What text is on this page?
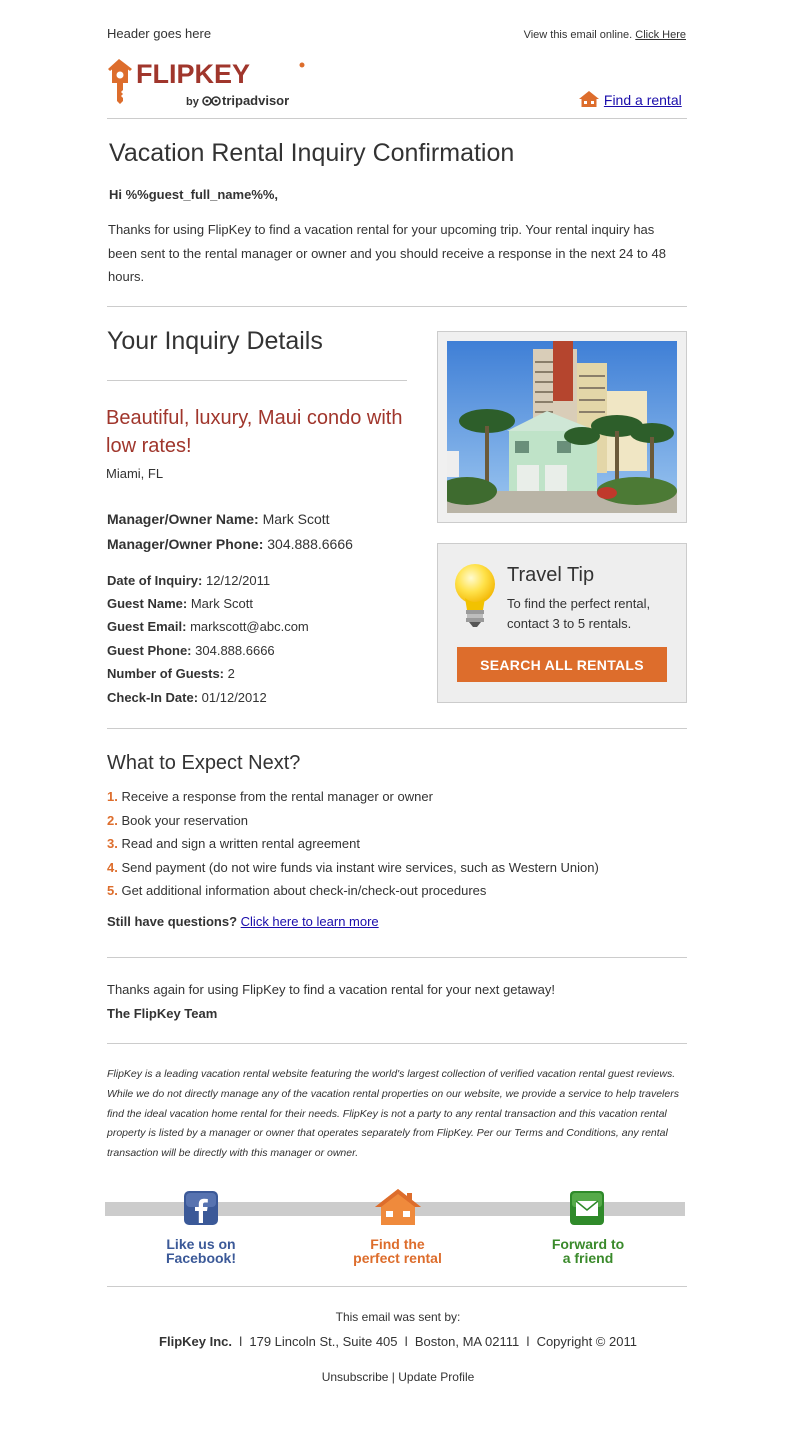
Header goes here	View this email online. Click Here
FLIPKEY
by tripadvisor	Find a rental
Vacation Rental Inquiry Confirmation
Hi %%guest_full_name%%,
Thanks for using FlipKey to find a vacation rental for your upcoming trip. Your rental inquiry has been sent to the rental manager or owner and you should receive a response in the next 24 to 48 hours.
Your Inquiry Details
Beautiful, luxury, Maui condo with low rates!
Miami, FL
Manager/Owner Name: Mark Scott
Manager/Owner Phone: 304.888.6666
Date of Inquiry: 12/12/2011
Guest Name: Mark Scott
Guest Email: markscott@abc.com
Guest Phone: 304.888.6666
Number of Guests: 2
Check-In Date: 01/12/2012
Travel Tip
To find the perfect rental, contact 3 to 5 rentals.
SEARCH ALL RENTALS
What to Expect Next?
1. Receive a response from the rental manager or owner
2. Book your reservation
3. Read and sign a written rental agreement
4. Send payment (do not wire funds via instant wire services, such as Western Union)
5. Get additional information about check-in/check-out procedures
Still have questions? Click here to learn more
Thanks again for using FlipKey to find a vacation rental for your next getaway!
The FlipKey Team
FlipKey is a leading vacation rental website featuring the world's largest collection of verified vacation rental guest reviews. While we do not directly manage any of the vacation rental properties on our website, we provide a service to help travelers find the ideal vacation home rental for their needs. FlipKey is not a party to any rental transaction and this vacation rental property is listed by a manager or owner that operates separately from FlipKey. Per our Terms and Conditions, any rental transaction will be directly with this manager or owner.
Like us on
Facebook!
Find the
perfect rental
Forward to
a friend
This email was sent by:
FlipKey Inc. l 179 Lincoln St., Suite 405 l Boston, MA 02111 l Copyright © 2011
Unsubscribe | Update Profile
